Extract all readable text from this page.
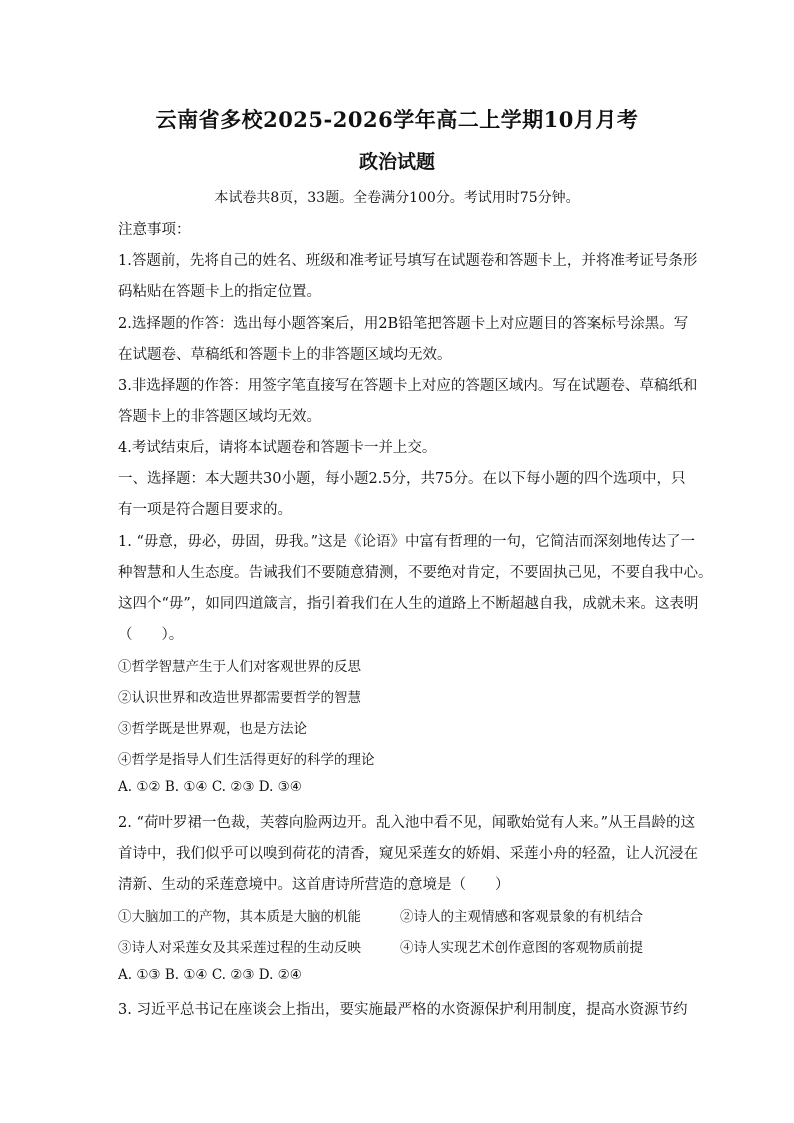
云南省多校2025-2026学年高二上学期10月月考
政治试题
本试卷共8页，33题。全卷满分100分。考试用时75分钟。
注意事项：
1.答题前，先将自己的姓名、班级和准考证号填写在试题卷和答题卡上，并将准考证号条形
码粘贴在答题卡上的指定位置。
2.选择题的作答：选出每小题答案后，用2B铅笔把答题卡上对应题目的答案标号涂黑。写
在试题卷、草稿纸和答题卡上的非答题区域均无效。
3.非选择题的作答：用签字笔直接写在答题卡上对应的答题区域内。写在试题卷、草稿纸和
答题卡上的非答题区域均无效。
4.考试结束后，请将本试题卷和答题卡一并上交。
一、选择题：本大题共30小题，每小题2.5分，共75分。在以下每小题的四个选项中，只
有一项是符合题目要求的。
1. “毋意，毋必，毋固，毋我。”这是《论语》中富有哲理的一句，它简洁而深刻地传达了一
种智慧和人生态度。告诫我们不要随意猜测，不要绝对肯定，不要固执己见，不要自我中心。
这四个“毋”，如同四道箴言，指引着我们在人生的道路上不断超越自我，成就未来。这表明
（　　）。
①哲学智慧产生于人们对客观世界的反思
②认识世界和改造世界都需要哲学的智慧
③哲学既是世界观，也是方法论
④哲学是指导人们生活得更好的科学的理论
A. ①② B. ①④ C. ②③ D. ③④
2. “荷叶罗裙一色裁，芙蓉向脸两边开。乱入池中看不见，闻歌始觉有人来。”从王昌龄的这
首诗中，我们似乎可以嗅到荷花的清香，窥见采莲女的娇娟、采莲小舟的轻盈，让人沉浸在
清新、生动的采莲意境中。这首唐诗所营造的意境是（　　）
①大脑加工的产物，其本质是大脑的机能	②诗人的主观情感和客观景象的有机结合
③诗人对采莲女及其采莲过程的生动反映	④诗人实现艺术创作意图的客观物质前提
A. ①③ B. ①④ C. ②③ D. ②④
3. 习近平总书记在座谈会上指出，要实施最严格的水资源保护利用制度，提高水资源节约
